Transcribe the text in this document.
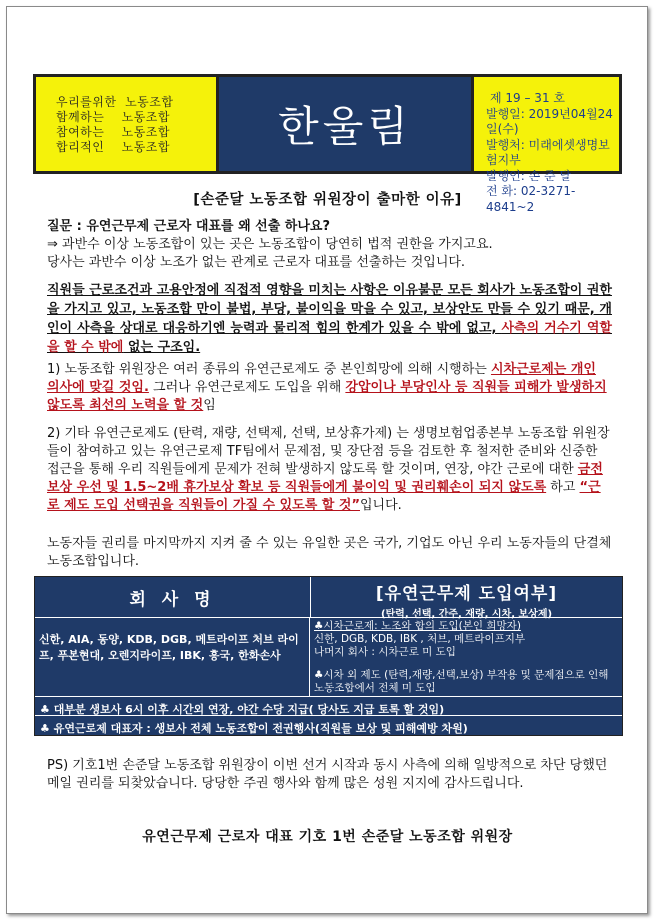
우리를위한  노동조합
함께하는    노동조합
참여하는    노동조합
합리적인    노동조합	한울림
제 19 – 31 호
발행일: 2019년04월24일(수)
발행처: 미래에셋생명보험지부
발행인: 손 준 달
전 화: 02-3271-4841~2
[손준달 노동조합 위원장이 출마한 이유]
질문 : 유연근무제 근로자 대표를 왜 선출 하나요?
⇒ 과반수 이상 노동조합이 있는 곳은 노동조합이 당연히 법적 권한을 가지고요.
당사는 과반수 이상 노조가 없는 관계로 근로자 대표를 선출하는 것입니다.
직원들 근로조건과 고용안정에 직접적 영향을 미치는 사항은 이유불문 모든 회사가 노동조합이 권한을 가지고 있고, 노동조합 만이 불법, 부당, 불이익을 막을 수 있고, 보상안도 만들 수 있기 때문, 개인이 사측을 상대로 대응하기엔 능력과 물리적 힘의 한계가 있을 수 밖에 없고, 사측의 거수기 역할을 할 수 밖에 없는 구조임.
1) 노동조합 위원장은 여러 종류의 유연근로제도 중 본인희망에 의해 시행하는 시차근로제는 개인 의사에 맞길 것임. 그러나 유연근로제도 도입을 위해 강압이나 부당인사 등 직원들 피해가 발생하지 않도록 최선의 노력을 할 것임
2) 기타 유연근로제도 (탄력, 재량, 선택제, 선택, 보상휴가제) 는 생명보험업종본부 노동조합 위원장들이 참여하고 있는 유연근로제 TF팀에서 문제점, 및 장단점 등을 검토한 후 철저한 준비와 신중한 접근을 통해 우리 직원들에게 문제가 전혀 발생하지 않도록 할 것이며, 연장, 야간 근로에 대한 금전보상 우선 및 1.5~2배 휴가보상 확보 등 직원들에게 불이익 및 권리훼손이 되지 않도록 하고 “근로 제도 도입 선택권을 직원들이 가질 수 있도록 할 것”입니다.
노동자들 권리를 마지막까지 지켜 줄 수 있는 유일한 곳은 국가, 기업도 아닌 우리 노동자들의 단결체 노동조합입니다.
회 사 명	[유연근무제 도입여부]
(탄력, 선택, 간주, 재량, 시차, 보상제)
신한, AIA, 동양, KDB, DGB, 메트라이프 처브 라이프, 푸본현대, 오렌지라이프, IBK, 흥국, 한화손사
♣시차근로제: 노조와 합의 도입(본인 희망자)
신한, DGB, KDB, IBK , 처브, 메트라이프지부
나머지 회사 : 시차근로 미 도입
♣시차 외 제도 (탄력,재량,선택,보상) 부작용 및 문제점으로 인해 노동조합에서 전체 미 도입
♣ 대부분 생보사 6시 이후 시간외 연장, 야간 수당 지급( 당사도 지급 토록 할 것임)
♣ 유연근로제 대표자 : 생보사 전체 노동조합이 전권행사(직원들 보상 및 피해예방 차원)
PS) 기호1번 손준달 노동조합 위원장이 이번 선거 시작과 동시 사측에 의해 일방적으로 차단 당했던 메일 권리를 되찾았습니다. 당당한 주권 행사와 함께 많은 성원 지지에 감사드립니다.
유연근무제 근로자 대표 기호 1번 손준달 노동조합 위원장
